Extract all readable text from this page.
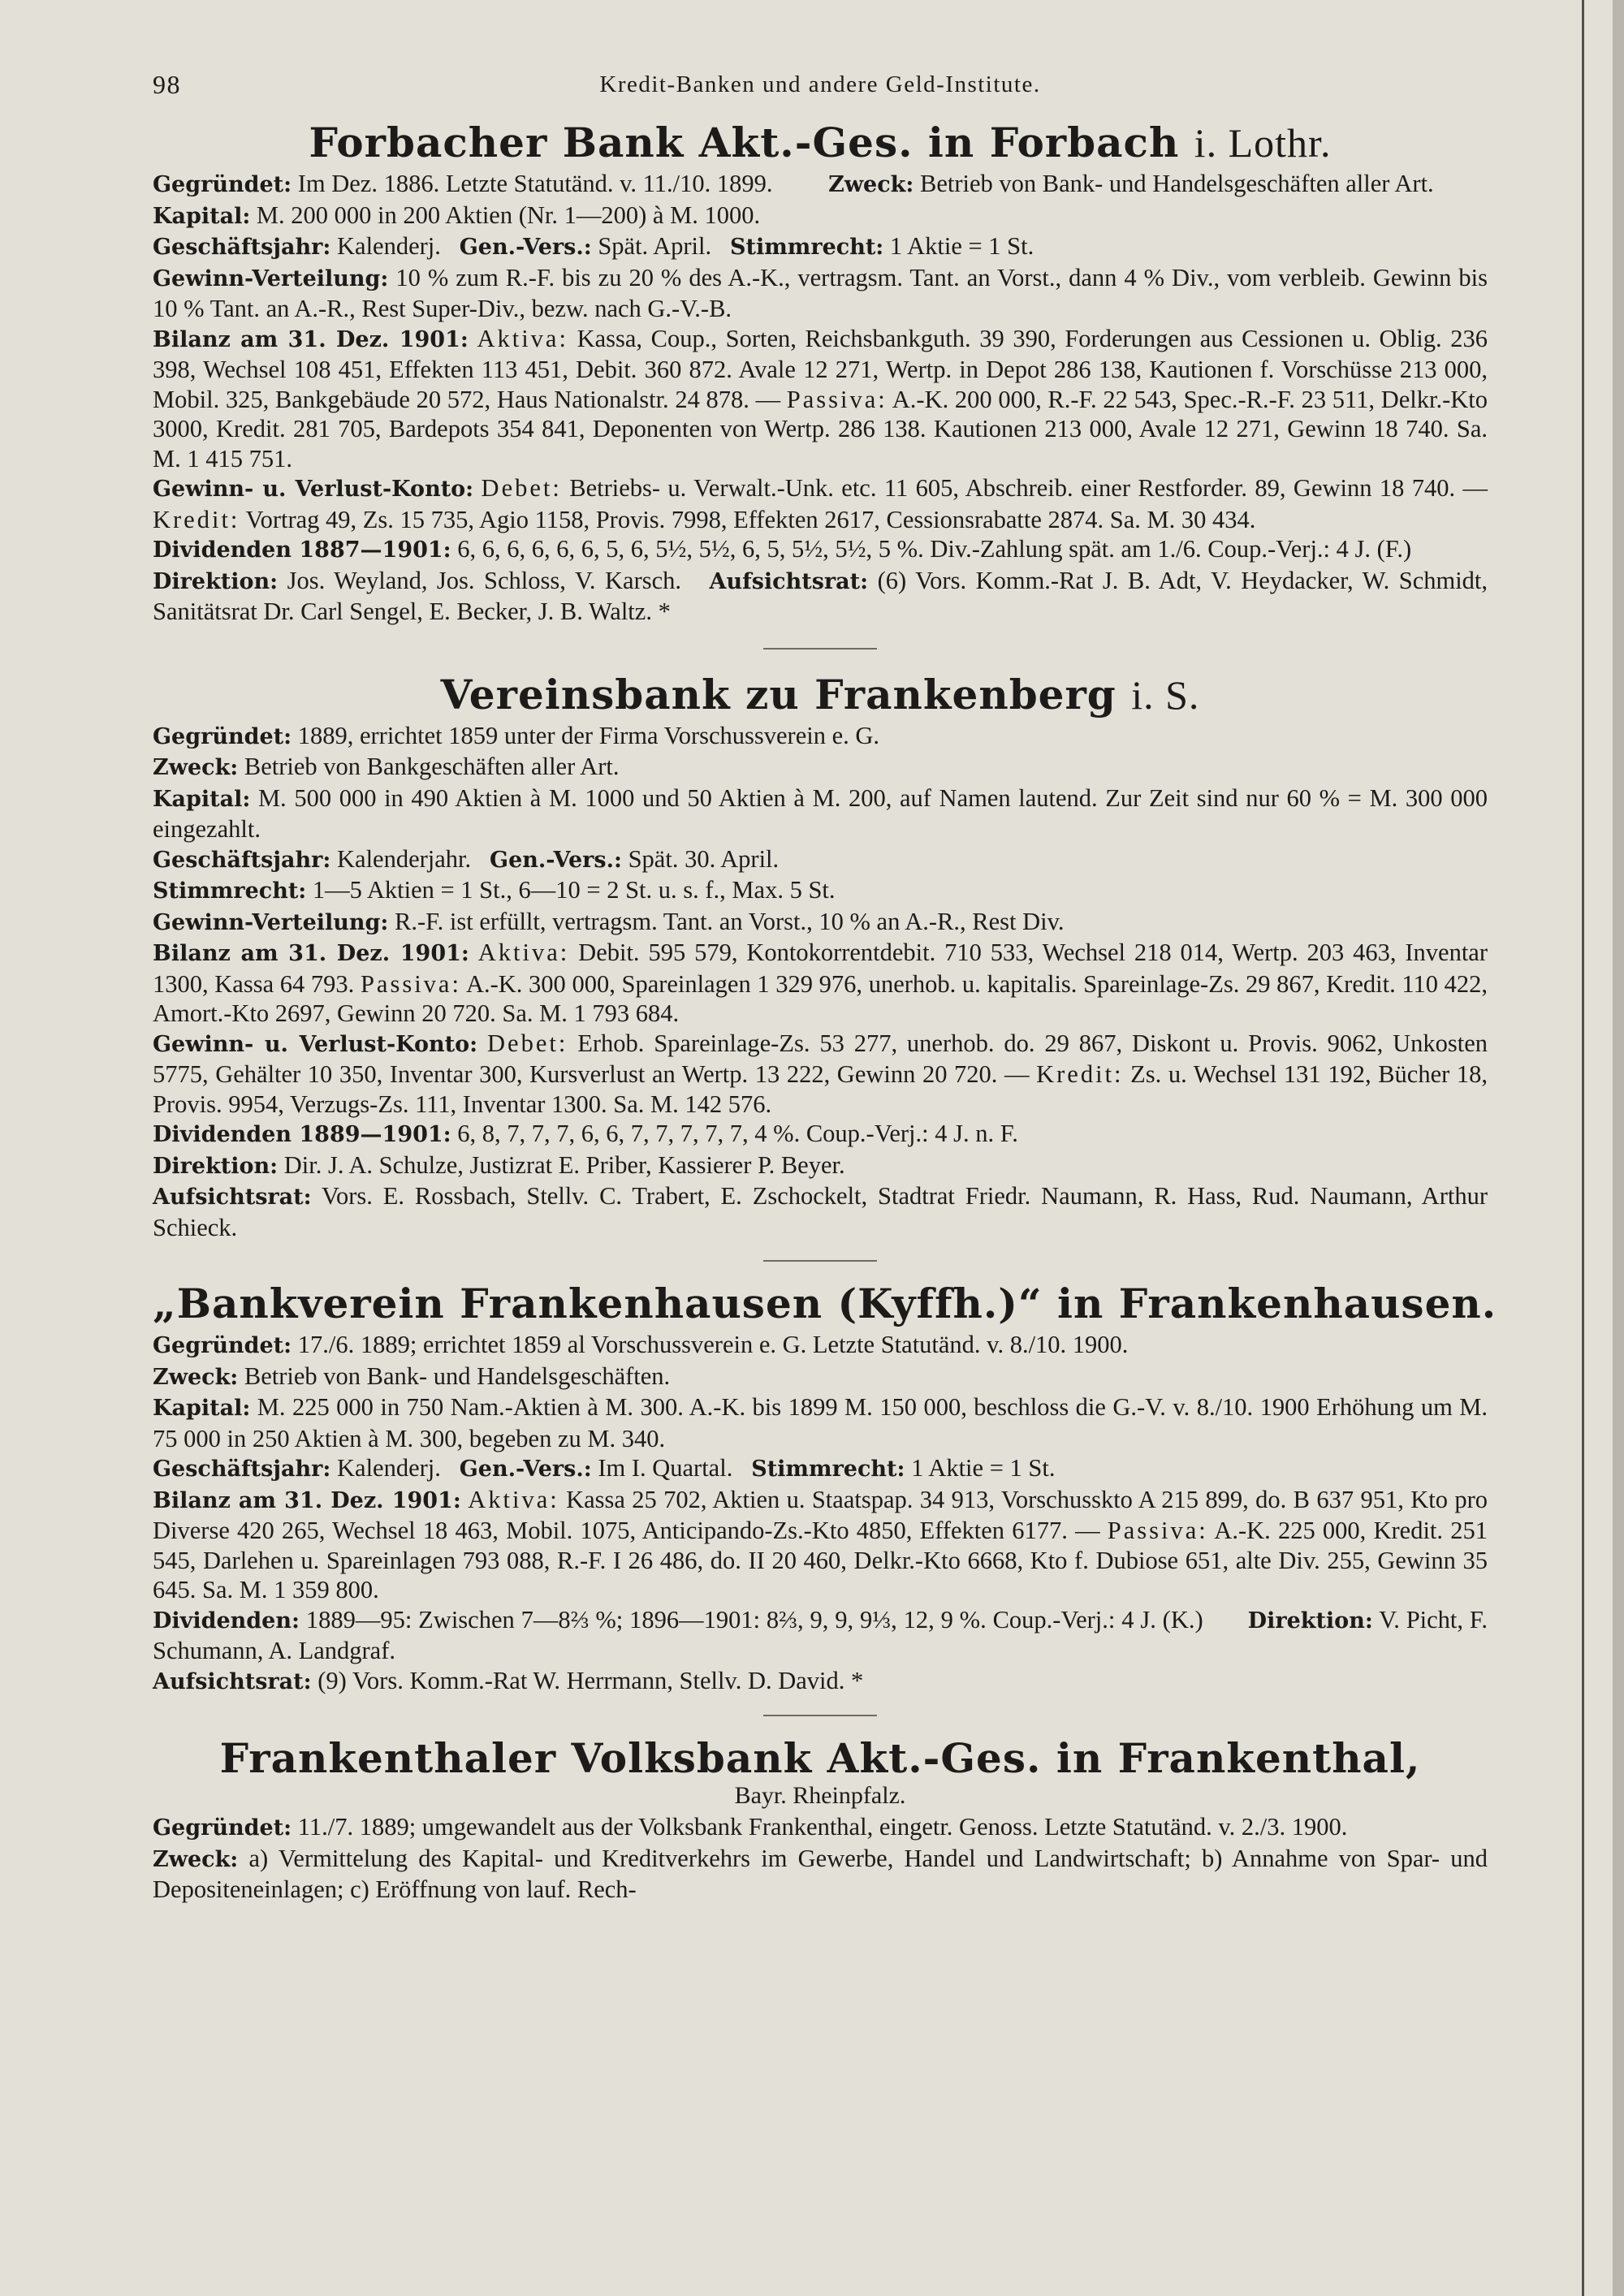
98	Kredit-Banken und andere Geld-Institute.
Forbacher Bank Akt.-Ges. in Forbach i. Lothr.

Gegründet: Im Dez. 1886. Letzte Statutänd. v. 11./10. 1899.	Zweck: Betrieb von Bank- und Handelsgeschäften aller Art.

Kapital: M. 200 000 in 200 Aktien (Nr. 1—200) à M. 1000.

Geschäftsjahr: Kalenderj. Gen.-Vers.: Spät. April. Stimmrecht: 1 Aktie = 1 St.

Gewinn-Verteilung: 10 % zum R.-F. bis zu 20 % des A.-K., vertragsm. Tant. an Vorst., dann 4 % Div., vom verbleib. Gewinn bis 10 % Tant. an A.-R., Rest Super-Div., bezw. nach G.-V.-B.

Bilanz am 31. Dez. 1901: Aktiva: Kassa, Coup., Sorten, Reichsbankguth. 39 390, Forderungen aus Cessionen u. Oblig. 236 398, Wechsel 108 451, Effekten 113 451, Debit. 360 872. Avale 12 271, Wertp. in Depot 286 138, Kautionen f. Vorschüsse 213 000, Mobil. 325, Bankgebäude 20 572, Haus Nationalstr. 24 878. — Passiva: A.-K. 200 000, R.-F. 22 543, Spec.-R.-F. 23 511, Delkr.-Kto 3000, Kredit. 281 705, Bardepots 354 841, Deponenten von Wertp. 286 138. Kautionen 213 000, Avale 12 271, Gewinn 18 740. Sa. M. 1 415 751.

Gewinn- u. Verlust-Konto: Debet: Betriebs- u. Verwalt.-Unk. etc. 11 605, Abschreib. einer Restforder. 89, Gewinn 18 740. — Kredit: Vortrag 49, Zs. 15 735, Agio 1158, Provis. 7998, Effekten 2617, Cessionsrabatte 2874. Sa. M. 30 434.

Dividenden 1887—1901: 6, 6, 6, 6, 6, 6, 5, 6, 5½, 5½, 6, 5, 5½, 5½, 5 %. Div.-Zahlung spät. am 1./6. Coup.-Verj.: 4 J. (F.)

Direktion: Jos. Weyland, Jos. Schloss, V. Karsch. Aufsichtsrat: (6) Vors. Komm.-Rat J. B. Adt, V. Heydacker, W. Schmidt, Sanitätsrat Dr. Carl Sengel, E. Becker, J. B. Waltz. *

Vereinsbank zu Frankenberg i. S.

Gegründet: 1889, errichtet 1859 unter der Firma Vorschussverein e. G.

Zweck: Betrieb von Bankgeschäften aller Art.

Kapital: M. 500 000 in 490 Aktien à M. 1000 und 50 Aktien à M. 200, auf Namen lautend. Zur Zeit sind nur 60 % = M. 300 000 eingezahlt.

Geschäftsjahr: Kalenderjahr. Gen.-Vers.: Spät. 30. April.

Stimmrecht: 1—5 Aktien = 1 St., 6—10 = 2 St. u. s. f., Max. 5 St.

Gewinn-Verteilung: R.-F. ist erfüllt, vertragsm. Tant. an Vorst., 10 % an A.-R., Rest Div.

Bilanz am 31. Dez. 1901: Aktiva: Debit. 595 579, Kontokorrentdebit. 710 533, Wechsel 218 014, Wertp. 203 463, Inventar 1300, Kassa 64 793. Passiva: A.-K. 300 000, Spareinlagen 1 329 976, unerhob. u. kapitalis. Spareinlage-Zs. 29 867, Kredit. 110 422, Amort.-Kto 2697, Gewinn 20 720. Sa. M. 1 793 684.

Gewinn- u. Verlust-Konto: Debet: Erhob. Spareinlage-Zs. 53 277, unerhob. do. 29 867, Diskont u. Provis. 9062, Unkosten 5775, Gehälter 10 350, Inventar 300, Kursverlust an Wertp. 13 222, Gewinn 20 720. — Kredit: Zs. u. Wechsel 131 192, Bücher 18, Provis. 9954, Verzugs-Zs. 111, Inventar 1300. Sa. M. 142 576.

Dividenden 1889—1901: 6, 8, 7, 7, 7, 6, 6, 7, 7, 7, 7, 7, 4 %. Coup.-Verj.: 4 J. n. F.

Direktion: Dir. J. A. Schulze, Justizrat E. Priber, Kassierer P. Beyer.

Aufsichtsrat: Vors. E. Rossbach, Stellv. C. Trabert, E. Zschockelt, Stadtrat Friedr. Naumann, R. Hass, Rud. Naumann, Arthur Schieck.

„Bankverein Frankenhausen (Kyffh.)“ in Frankenhausen.

Gegründet: 17./6. 1889; errichtet 1859 al Vorschussverein e. G. Letzte Statutänd. v. 8./10. 1900.

Zweck: Betrieb von Bank- und Handelsgeschäften.

Kapital: M. 225 000 in 750 Nam.-Aktien à M. 300. A.-K. bis 1899 M. 150 000, beschloss die G.-V. v. 8./10. 1900 Erhöhung um M. 75 000 in 250 Aktien à M. 300, begeben zu M. 340.

Geschäftsjahr: Kalenderj. Gen.-Vers.: Im I. Quartal. Stimmrecht: 1 Aktie = 1 St.

Bilanz am 31. Dez. 1901: Aktiva: Kassa 25 702, Aktien u. Staatspap. 34 913, Vorschusskto A 215 899, do. B 637 951, Kto pro Diverse 420 265, Wechsel 18 463, Mobil. 1075, Anticipando-Zs.-Kto 4850, Effekten 6177. — Passiva: A.-K. 225 000, Kredit. 251 545, Darlehen u. Spareinlagen 793 088, R.-F. I 26 486, do. II 20 460, Delkr.-Kto 6668, Kto f. Dubiose 651, alte Div. 255, Gewinn 35 645. Sa. M. 1 359 800.

Dividenden: 1889—95: Zwischen 7—8⅔ %; 1896—1901: 8⅔, 9, 9, 9⅓, 12, 9 %. Coup.-Verj.: 4 J. (K.) Direktion: V. Picht, F. Schumann, A. Landgraf.

Aufsichtsrat: (9) Vors. Komm.-Rat W. Herrmann, Stellv. D. David. *

Frankenthaler Volksbank Akt.-Ges. in Frankenthal,
Bayr. Rheinpfalz.

Gegründet: 11./7. 1889; umgewandelt aus der Volksbank Frankenthal, eingetr. Genoss. Letzte Statutänd. v. 2./3. 1900.

Zweck: a) Vermittelung des Kapital- und Kreditverkehrs im Gewerbe, Handel und Landwirtschaft; b) Annahme von Spar- und Depositeneinlagen; c) Eröffnung von lauf. Rech-
